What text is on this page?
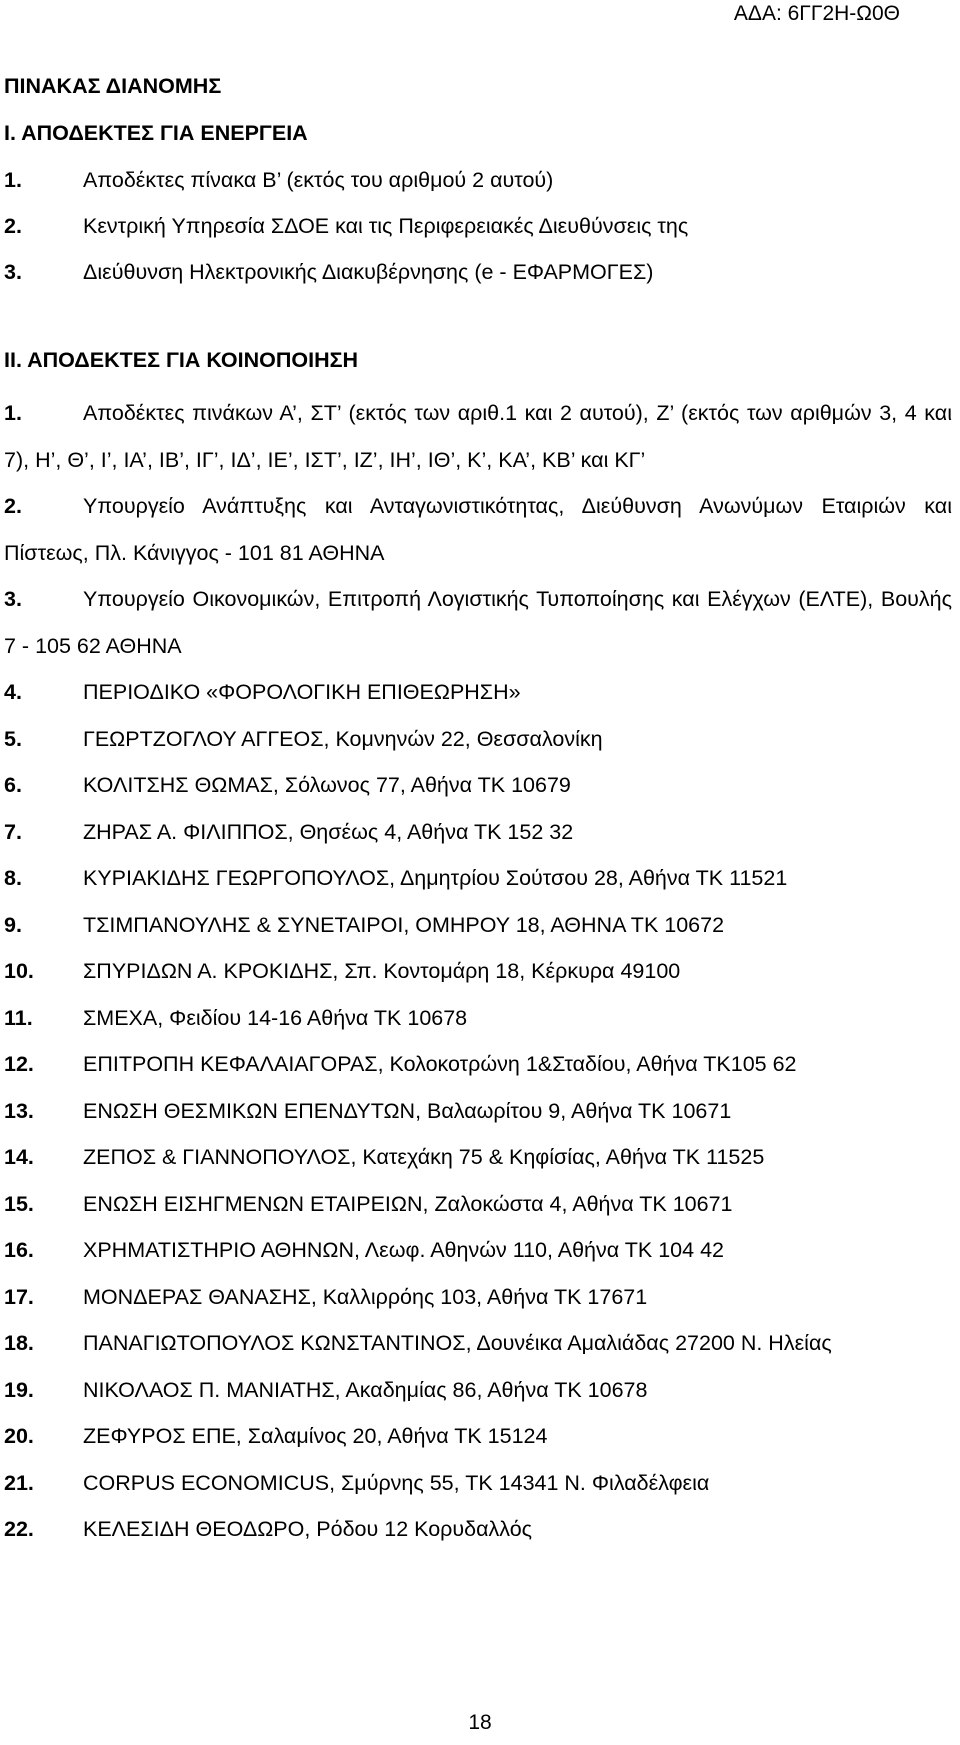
ΑΔΑ: 6ΓΓ2Η-Ω0Θ
ΠΙΝΑΚΑΣ ΔΙΑΝΟΜΗΣ
Ι. ΑΠΟΔΕΚΤΕΣ ΓΙΑ ΕΝΕΡΓΕΙΑ
1.	Αποδέκτες πίνακα Β’ (εκτός του αριθμού 2 αυτού)
2.	Κεντρική Υπηρεσία ΣΔΟΕ και τις Περιφερειακές Διευθύνσεις της
3.	Διεύθυνση Ηλεκτρονικής Διακυβέρνησης (e - ΕΦΑΡΜΟΓΕΣ)
ΙΙ. ΑΠΟΔΕΚΤΕΣ ΓΙΑ ΚΟΙΝΟΠΟΙΗΣΗ
1.	Αποδέκτες πινάκων Α’, ΣΤ’ (εκτός των αριθ.1 και 2 αυτού), Ζ’ (εκτός των αριθμών 3, 4 και 7), Η’, Θ’, Ι’, ΙΑ’, ΙΒ’, ΙΓ’, ΙΔ’, ΙΕ’, ΙΣΤ’, ΙΖ’, ΙΗ’, ΙΘ’, Κ’, ΚΑ’, ΚΒ’ και ΚΓ’
2.	Υπουργείο Ανάπτυξης και Ανταγωνιστικότητας, Διεύθυνση Ανωνύμων Εταιριών και Πίστεως, Πλ. Κάνιγγος - 101 81 ΑΘΗΝΑ
3.	Υπουργείο Οικονομικών, Επιτροπή Λογιστικής Τυποποίησης και Ελέγχων (ΕΛΤΕ), Βουλής 7 - 105 62 ΑΘΗΝΑ
4.	ΠΕΡΙΟΔΙΚΟ «ΦΟΡΟΛΟΓΙΚΗ ΕΠΙΘΕΩΡΗΣΗ»
5.	ΓΕΩΡΤΖΟΓΛΟΥ ΑΓΓΕΟΣ, Κομνηνών 22, Θεσσαλονίκη
6.	ΚΟΛΙΤΣΗΣ ΘΩΜΑΣ, Σόλωνος 77, Αθήνα ΤΚ 10679
7.	ΖΗΡΑΣ Α. ΦΙΛΙΠΠΟΣ, Θησέως 4, Αθήνα ΤΚ 152 32
8.	ΚΥΡΙΑΚΙΔΗΣ ΓΕΩΡΓΟΠΟΥΛΟΣ, Δημητρίου Σούτσου 28, Αθήνα ΤΚ 11521
9.	ΤΣΙΜΠΑΝΟΥΛΗΣ & ΣΥΝΕΤΑΙΡΟΙ, ΟΜΗΡΟΥ 18, ΑΘΗΝΑ ΤΚ 10672
10. ΣΠΥΡΙΔΩΝ Α. ΚΡΟΚΙΔΗΣ, Σπ. Κοντομάρη 18, Κέρκυρα 49100
11. ΣΜΕΧΑ, Φειδίου 14-16 Αθήνα ΤΚ 10678
12. ΕΠΙΤΡΟΠΗ ΚΕΦΑΛΑΙΑΓΟΡΑΣ, Κολοκοτρώνη 1&Σταδίου, Αθήνα ΤΚ105 62
13. ΕΝΩΣΗ ΘΕΣΜΙΚΩΝ ΕΠΕΝΔΥΤΩΝ, Βαλαωρίτου 9, Αθήνα ΤΚ 10671
14. ΖΕΠΟΣ & ΓΙΑΝΝΟΠΟΥΛΟΣ, Κατεχάκη 75 & Κηφίσίας, Αθήνα ΤΚ 11525
15. ΕΝΩΣΗ ΕΙΣΗΓΜΕΝΩΝ ΕΤΑΙΡΕΙΩΝ, Ζαλοκώστα 4, Αθήνα ΤΚ 10671
16. ΧΡΗΜΑΤΙΣΤΗΡΙΟ ΑΘΗΝΩΝ, Λεωφ. Αθηνών 110, Αθήνα ΤΚ 104 42
17. ΜΟΝΔΕΡΑΣ ΘΑΝΑΣΗΣ, Καλλιρρόης 103, Αθήνα ΤΚ 17671
18. ΠΑΝΑΓΙΩΤΟΠΟΥΛΟΣ ΚΩΝΣΤΑΝΤΙΝΟΣ, Δουνέικα Αμαλιάδας 27200 Ν. Ηλείας
19. ΝΙΚΟΛΑΟΣ Π. ΜΑΝΙΑΤΗΣ, Ακαδημίας 86, Αθήνα ΤΚ 10678
20. ΖΕΦΥΡΟΣ ΕΠΕ, Σαλαμίνος 20, Αθήνα ΤΚ 15124
21. CORPUS ECONOMICUS, Σμύρνης 55, ΤΚ 14341 Ν. Φιλαδέλφεια
22. ΚΕΛΕΣΙΔΗ ΘΕΟΔΩΡΟ, Ρόδου 12 Κορυδαλλός
18
